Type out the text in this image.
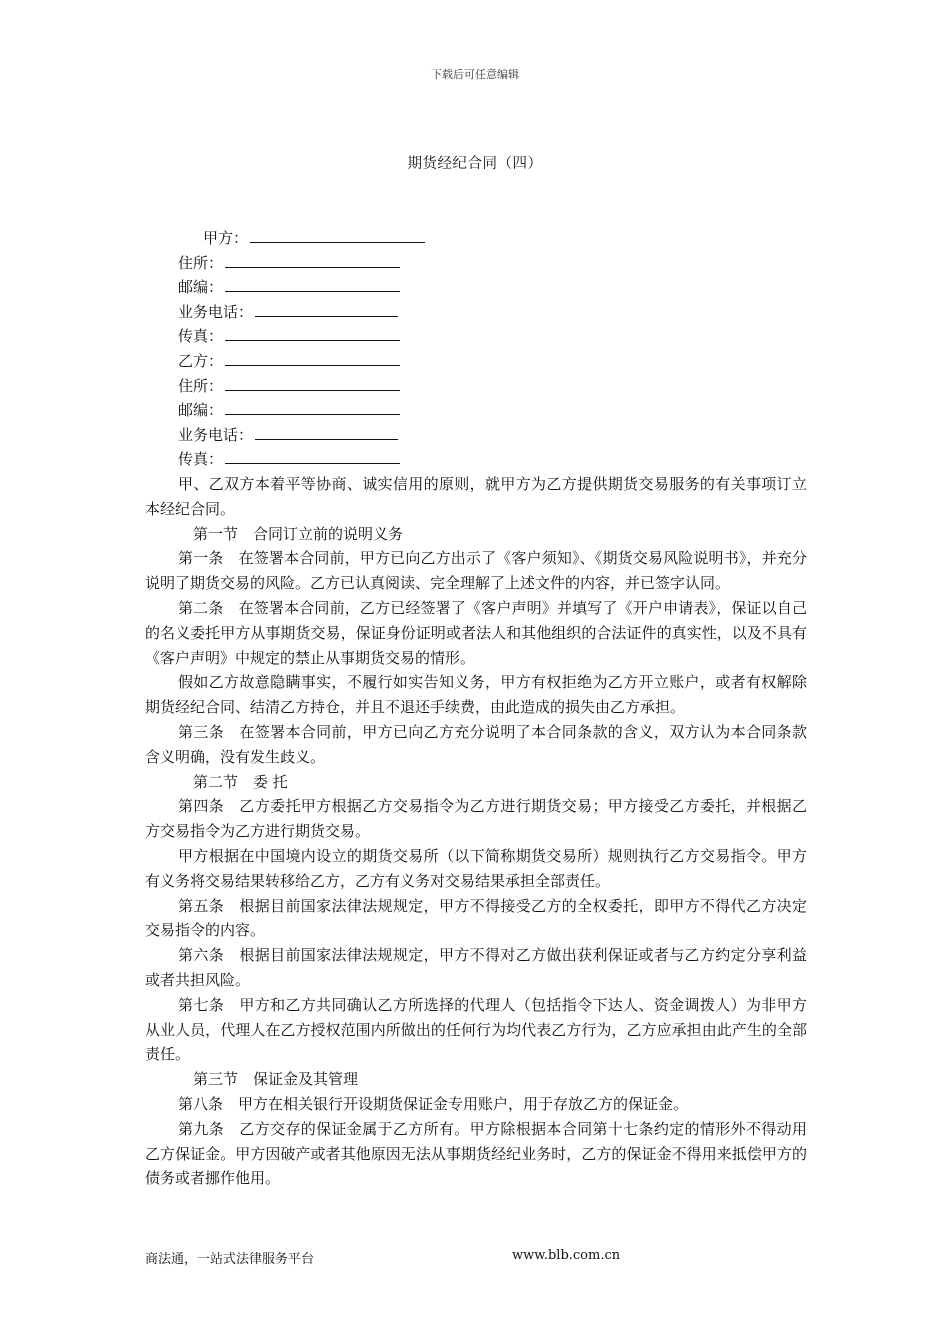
下载后可任意编辑
期货经纪合同（四）
甲方：
住所：
邮编：
业务电话：
传真：
乙方：
住所：
邮编：
业务电话：
传真：

甲、乙双方本着平等协商、诚实信用的原则，就甲方为乙方提供期货交易服务的有关事项订立本经纪合同。

第一节　合同订立前的说明义务

第一条　在签署本合同前，甲方已向乙方出示了《客户须知》、《期货交易风险说明书》，并充分说明了期货交易的风险。乙方已认真阅读、完全理解了上述文件的内容，并已签字认同。

第二条　在签署本合同前，乙方已经签署了《客户声明》并填写了《开户申请表》，保证以自己的名义委托甲方从事期货交易，保证身份证明或者法人和其他组织的合法证件的真实性，以及不具有《客户声明》中规定的禁止从事期货交易的情形。

假如乙方故意隐瞒事实，不履行如实告知义务，甲方有权拒绝为乙方开立账户，或者有权解除期货经纪合同、结清乙方持仓，并且不退还手续费，由此造成的损失由乙方承担。

第三条　在签署本合同前，甲方已向乙方充分说明了本合同条款的含义，双方认为本合同条款含义明确，没有发生歧义。

第二节　委 托

第四条　乙方委托甲方根据乙方交易指令为乙方进行期货交易；甲方接受乙方委托，并根据乙方交易指令为乙方进行期货交易。

甲方根据在中国境内设立的期货交易所（以下简称期货交易所）规则执行乙方交易指令。甲方有义务将交易结果转移给乙方，乙方有义务对交易结果承担全部责任。

第五条　根据目前国家法律法规规定，甲方不得接受乙方的全权委托，即甲方不得代乙方决定交易指令的内容。

第六条　根据目前国家法律法规规定，甲方不得对乙方做出获利保证或者与乙方约定分享利益或者共担风险。

第七条　甲方和乙方共同确认乙方所选择的代理人（包括指令下达人、资金调拨人）为非甲方从业人员，代理人在乙方授权范围内所做出的任何行为均代表乙方行为，乙方应承担由此产生的全部责任。

第三节　保证金及其管理

第八条　甲方在相关银行开设期货保证金专用账户，用于存放乙方的保证金。

第九条　乙方交存的保证金属于乙方所有。甲方除根据本合同第十七条约定的情形外不得动用乙方保证金。甲方因破产或者其他原因无法从事期货经纪业务时，乙方的保证金不得用来抵偿甲方的债务或者挪作他用。

商法通，一站式法律服务平台	www.blb.com.cn
